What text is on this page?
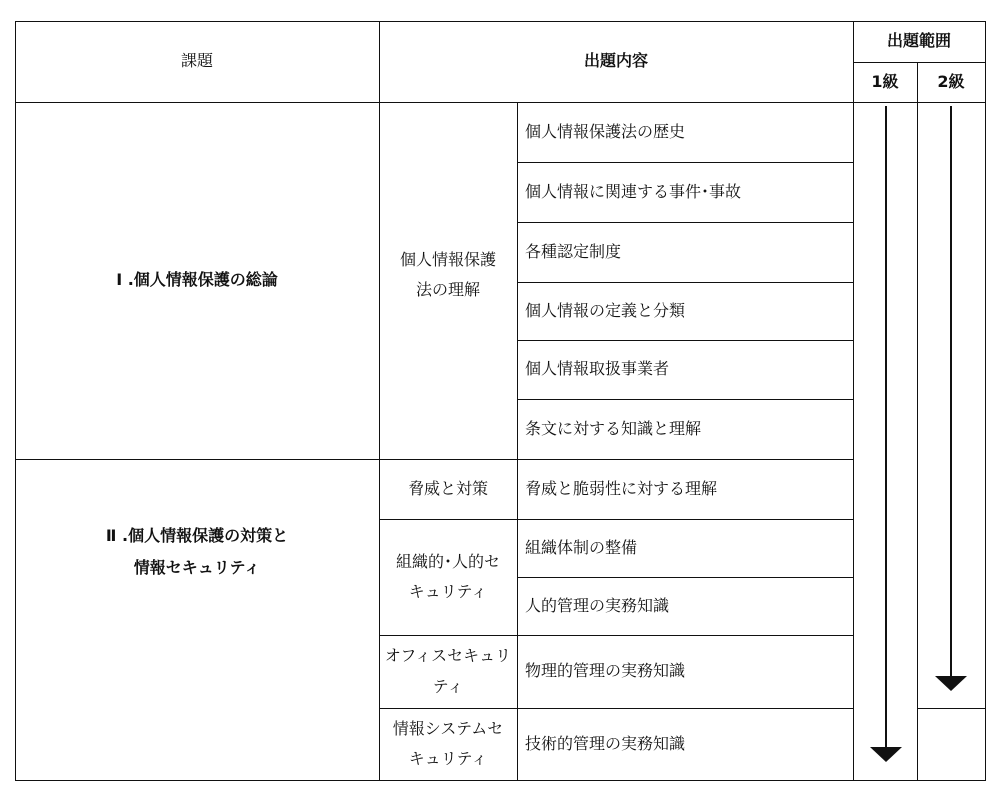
課題	出題内容
出題範囲
1級	2級
Ⅰ .個人情報保護の総論
個人情報保護
法の理解
個人情報保護法の歴史
個人情報に関連する事件･事故
各種認定制度
個人情報の定義と分類
個人情報取扱事業者
条文に対する知識と理解
Ⅱ .個人情報保護の対策と
情報セキュリティ
脅威と対策
組織的･人的セ
キュリティ
オフィスセキュリ
ティ
情報システムセ
キュリティ
脅威と脆弱性に対する理解
組織体制の整備
人的管理の実務知識
物理的管理の実務知識
技術的管理の実務知識
